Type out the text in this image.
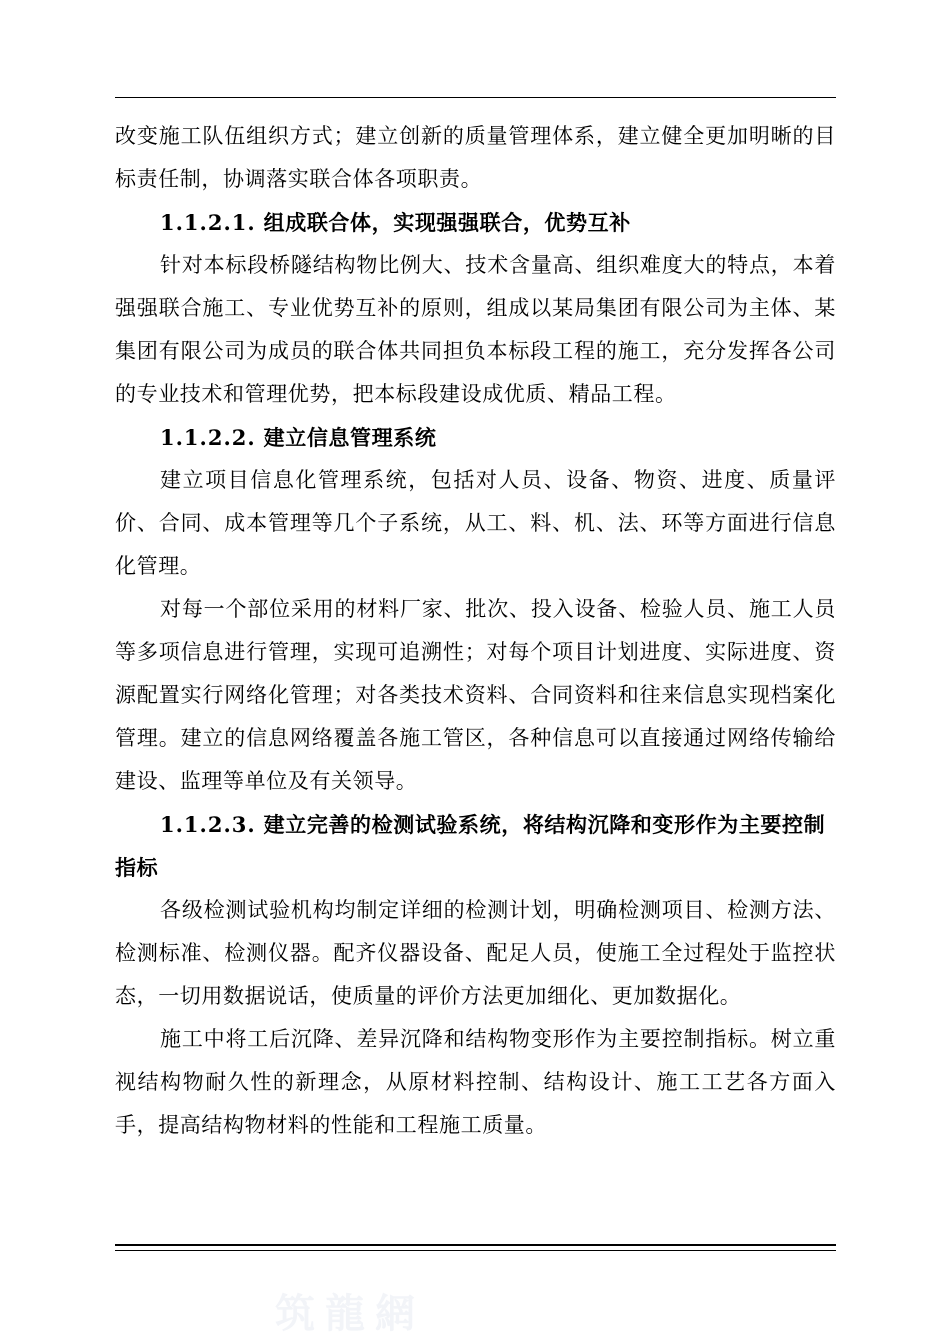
改变施工队伍组织方式；建立创新的质量管理体系，建立健全更加明晰的目标责任制，协调落实联合体各项职责。

1.1.2.1. 组成联合体，实现强强联合，优势互补

针对本标段桥隧结构物比例大、技术含量高、组织难度大的特点，本着强强联合施工、专业优势互补的原则，组成以某局集团有限公司为主体、某集团有限公司为成员的联合体共同担负本标段工程的施工，充分发挥各公司的专业技术和管理优势，把本标段建设成优质、精品工程。

1.1.2.2. 建立信息管理系统

建立项目信息化管理系统，包括对人员、设备、物资、进度、质量评价、合同、成本管理等几个子系统，从工、料、机、法、环等方面进行信息化管理。

对每一个部位采用的材料厂家、批次、投入设备、检验人员、施工人员等多项信息进行管理，实现可追溯性；对每个项目计划进度、实际进度、资源配置实行网络化管理；对各类技术资料、合同资料和往来信息实现档案化管理。建立的信息网络覆盖各施工管区，各种信息可以直接通过网络传输给建设、监理等单位及有关领导。

1.1.2.3. 建立完善的检测试验系统，将结构沉降和变形作为主要控制指标

各级检测试验机构均制定详细的检测计划，明确检测项目、检测方法、检测标准、检测仪器。配齐仪器设备、配足人员，使施工全过程处于监控状态，一切用数据说话，使质量的评价方法更加细化、更加数据化。

施工中将工后沉降、差异沉降和结构物变形作为主要控制指标。树立重视结构物耐久性的新理念，从原材料控制、结构设计、施工工艺各方面入手，提高结构物材料的性能和工程施工质量。

筑龍網
